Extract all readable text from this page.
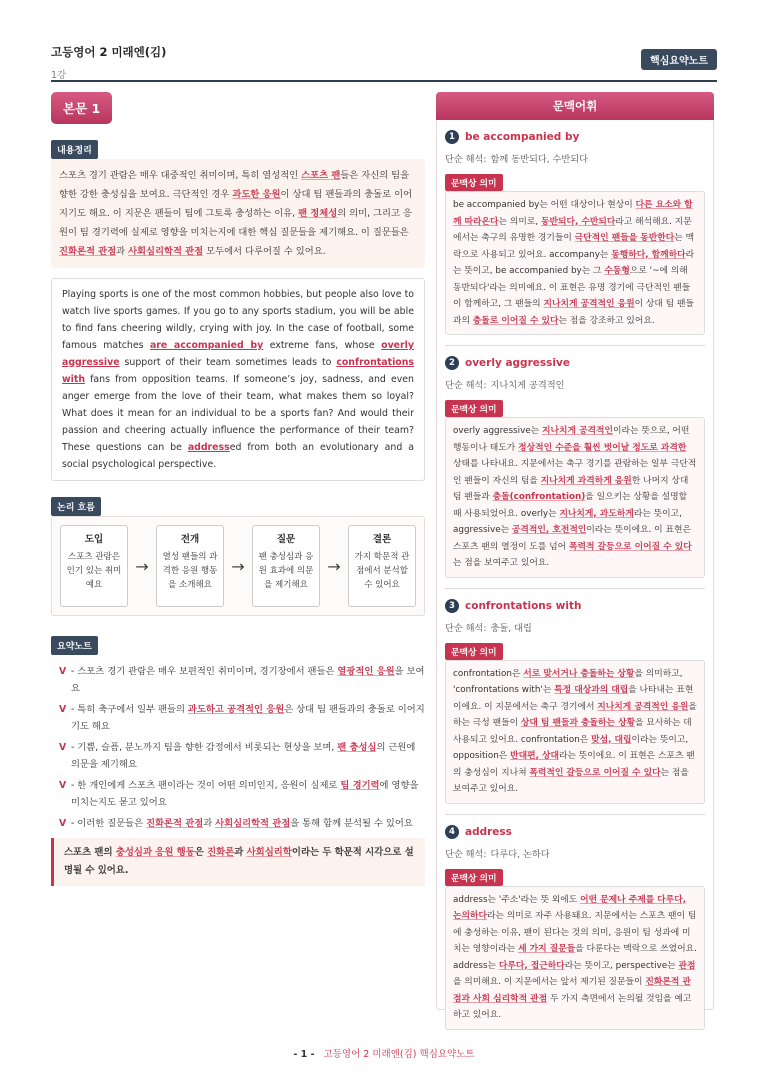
고등영어 2 미래엔(김)
1강
핵심요약노트
본문 1
내용정리
스포츠 경기 관람은 매우 대중적인 취미이며, 특히 열성적인 스포츠 팬들은 자신의 팀을 향한 강한 충성심을 보여요. 극단적인 경우 과도한 응원이 상대 팀 팬들과의 충돌로 이어지기도 해요. 이 지문은 팬들이 팀에 그토록 충성하는 이유, 팬 정체성의 의미, 그리고 응원이 팀 경기력에 실제로 영향을 미치는지에 대한 핵심 질문들을 제기해요. 이 질문들은 진화론적 관점과 사회심리학적 관점 모두에서 다루어질 수 있어요.
Playing sports is one of the most common hobbies, but people also love to watch live sports games. If you go to any sports stadium, you will be able to find fans cheering wildly, crying with joy. In the case of football, some famous matches are accompanied by extreme fans, whose overly aggressive support of their team sometimes leads to confrontations with fans from opposition teams. If someone’s joy, sadness, and even anger emerge from the love of their team, what makes them so loyal? What does it mean for an individual to be a sports fan? And would their passion and cheering actually influence the performance of their team? These questions can be addressed from both an evolutionary and a social psychological perspective.
논리 흐름
도입
스포츠 관람은 인기 있는 취미예요
→
전개
열성 팬들의 과격한 응원 행동을 소개해요
→
질문
팬 충성심과 응원 효과에 의문을 제기해요
→
결론
가지 학문적 관점에서 분석할 수 있어요
요약노트
V - 스포츠 경기 관람은 매우 보편적인 취미이며, 경기장에서 팬들은 열광적인 응원을 보여요
V - 특히 축구에서 일부 팬들의 과도하고 공격적인 응원은 상대 팀 팬들과의 충돌로 이어지기도 해요
V - 기쁨, 슬픔, 분노까지 팀을 향한 감정에서 비롯되는 현상을 보며, 팬 충성심의 근원에 의문을 제기해요
V - 한 개인에게 스포츠 팬이라는 것이 어떤 의미인지, 응원이 실제로 팀 경기력에 영향을 미치는지도 묻고 있어요
V - 이러한 질문들은 진화론적 관점과 사회심리학적 관점을 통해 함께 분석될 수 있어요
스포츠 팬의 충성심과 응원 행동은 진화론과 사회심리학이라는 두 학문적 시각으로 설명될 수 있어요.
문맥어휘
1 be accompanied by
단순 해석: 함께 동반되다, 수반되다
문맥상 의미
be accompanied by는 어떤 대상이나 현상이 다른 요소와 함께 따라온다는 의미로, 동반되다, 수반되다라고 해석해요. 지문에서는 축구의 유명한 경기들이 극단적인 팬들을 동반한다는 맥락으로 사용되고 있어요. accompany는 동행하다, 함께하다라는 뜻이고, be accompanied by는 그 수동형으로 '~에 의해 동반되다'라는 의미예요. 이 표현은 유명 경기에 극단적인 팬들이 함께하고, 그 팬들의 지나치게 공격적인 응원이 상대 팀 팬들과의 충돌로 이어질 수 있다는 점을 강조하고 있어요.
2 overly aggressive
단순 해석: 지나치게 공격적인
문맥상 의미
overly aggressive는 지나치게 공격적인이라는 뜻으로, 어떤 행동이나 태도가 정상적인 수준을 훨씬 벗어날 정도로 과격한 상태를 나타내요. 지문에서는 축구 경기를 관람하는 일부 극단적인 팬들이 자신의 팀을 지나치게 과격하게 응원한 나머지 상대 팀 팬들과 충돌(confrontation)을 일으키는 상황을 설명할 때 사용되었어요. overly는 지나치게, 과도하게라는 뜻이고, aggressive는 공격적인, 호전적인이라는 뜻이에요. 이 표현은 스포츠 팬의 열정이 도를 넘어 폭력적 갈등으로 이어질 수 있다는 점을 보여주고 있어요.
3 confrontations with
단순 해석: 충돌, 대립
문맥상 의미
confrontation은 서로 맞서거나 충돌하는 상황을 의미하고, 'confrontations with'는 특정 대상과의 대립을 나타내는 표현이에요. 이 지문에서는 축구 경기에서 지나치게 공격적인 응원을 하는 극성 팬들이 상대 팀 팬들과 충돌하는 상황을 묘사하는 데 사용되고 있어요. confrontation은 맞섬, 대립이라는 뜻이고, opposition은 반대편, 상대라는 뜻이에요. 이 표현은 스포츠 팬의 충성심이 지나쳐 폭력적인 갈등으로 이어질 수 있다는 점을 보여주고 있어요.
4 address
단순 해석: 다루다, 논하다
문맥상 의미
address는 '주소'라는 뜻 외에도 어떤 문제나 주제를 다루다, 논의하다라는 의미로 자주 사용돼요. 지문에서는 스포츠 팬이 팀에 충성하는 이유, 팬이 된다는 것의 의미, 응원이 팀 성과에 미치는 영향이라는 세 가지 질문들을 다룬다는 맥락으로 쓰였어요. address는 다루다, 접근하다라는 뜻이고, perspective는 관점을 의미해요. 이 지문에서는 앞서 제기된 질문들이 진화론적 관점과 사회 심리학적 관점 두 가지 측면에서 논의될 것임을 예고하고 있어요.
- 1 - 고등영어 2 미래엔(김) 핵심요약노트
